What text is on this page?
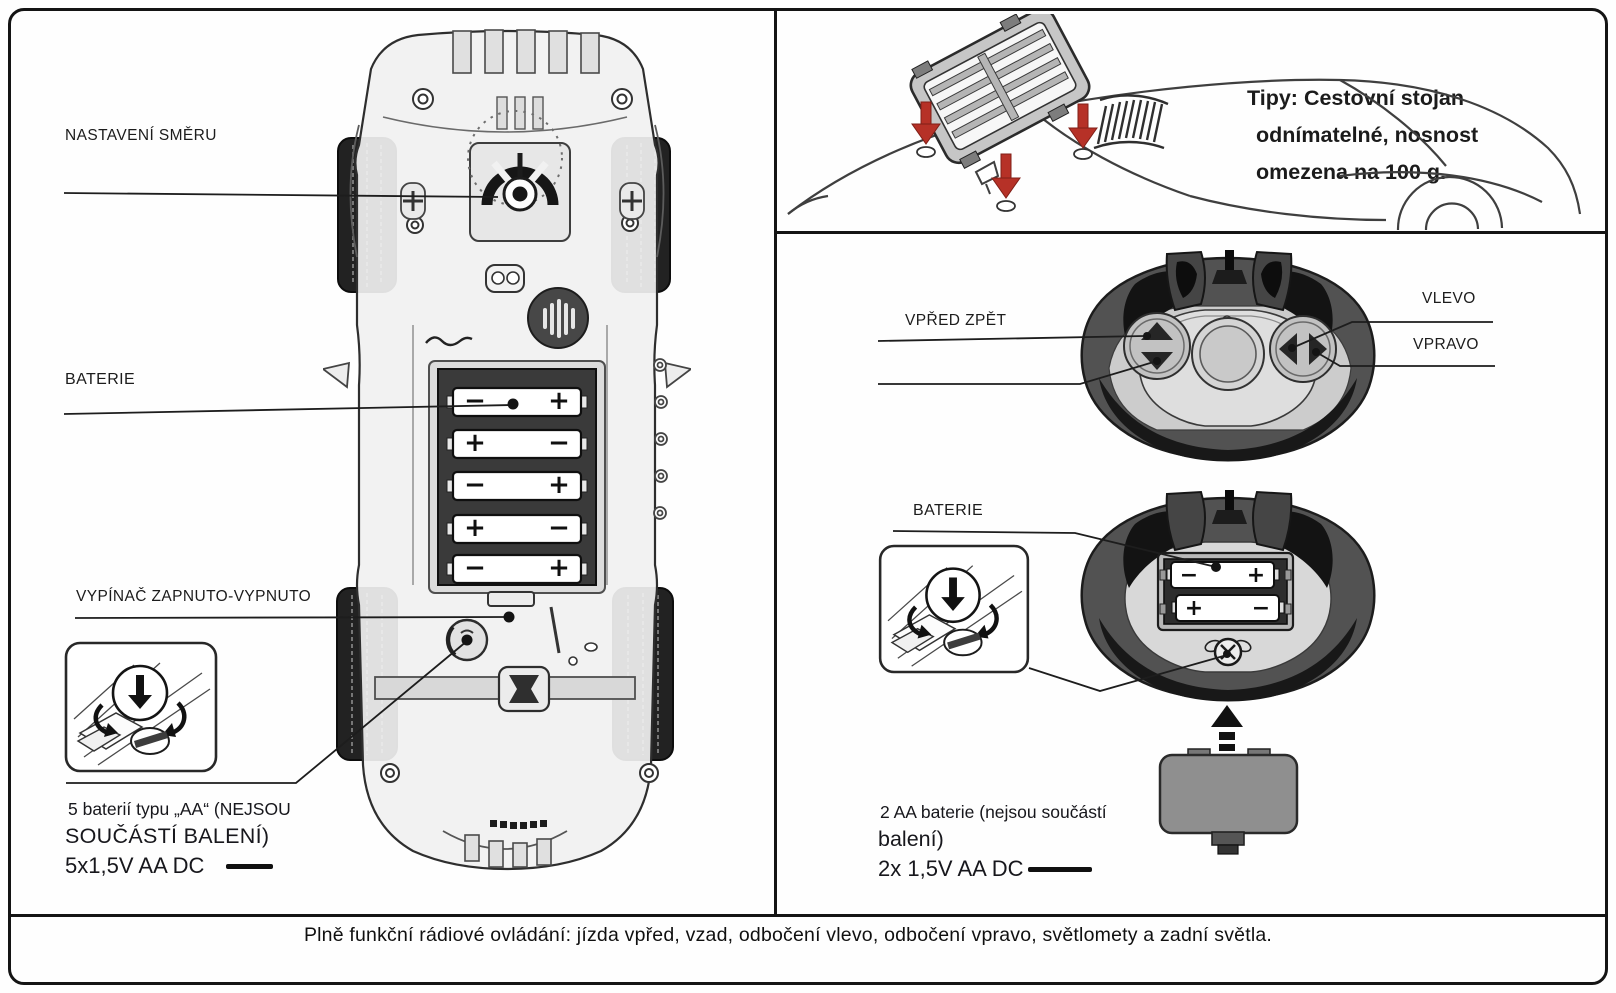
NASTAVENÍ SMĚRU
BATERIE
VYPÍNAČ ZAPNUTO-VYPNUTO
5 baterií typu „AA“ (NEJSOU
SOUČÁSTÍ BALENÍ)
5x1,5V AA DC
− +
+ −
− +
+ −
− +
Tipy: Cestovní stojan
odnímatelné, nosnost
omezena na 100 g.
VPŘED ZPĚT
VLEVO
VPRAVO
BATERIE
2 AA baterie (nejsou součástí
balení)
2x 1,5V AA DC
− +
+ −
Plně funkční rádiové ovládání: jízda vpřed, vzad, odbočení vlevo, odbočení vpravo, světlomety a zadní světla.
